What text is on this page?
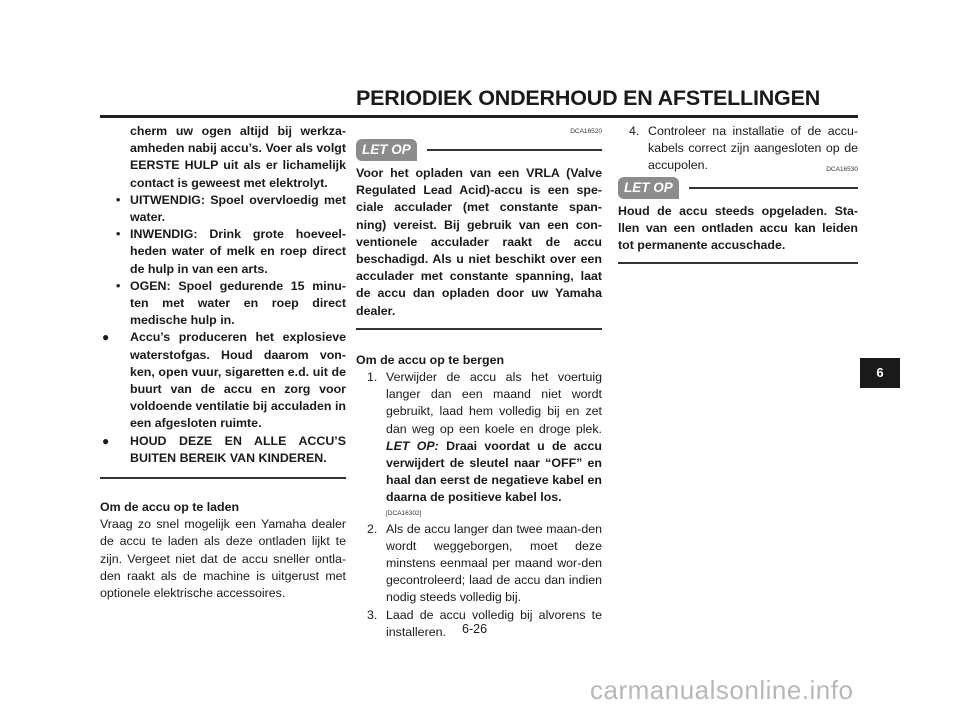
PERIODIEK ONDERHOUD EN AFSTELLINGEN

cherm uw ogen altijd bij werkza-amheden nabij accu’s. Voer als volgt EERSTE HULP uit als er lichamelijk contact is geweest met elektrolyt.

• UITWENDIG: Spoel overvloedig met water.
• INWENDIG: Drink grote hoeveel-heden water of melk en roep direct de hulp in van een arts.
• OGEN: Spoel gedurende 15 minu-ten met water en roep direct medische hulp in.
● Accu’s produceren het explosieve waterstofgas. Houd daarom von-ken, open vuur, sigaretten e.d. uit de buurt van de accu en zorg voor voldoende ventilatie bij acculaden in een afgesloten ruimte.
● HOUD DEZE EN ALLE ACCU’S BUITEN BEREIK VAN KINDEREN.

Om de accu op te laden

Vraag zo snel mogelijk een Yamaha dealer de accu te laden als deze ontladen lijkt te zijn. Vergeet niet dat de accu sneller ontla-den raakt als de machine is uitgerust met optionele elektrische accessoires.

DCA16520
LET OP

Voor het opladen van een VRLA (Valve Regulated Lead Acid)-accu is een spe-ciale acculader (met constante span-ning) vereist. Bij gebruik van een con-ventionele acculader raakt de accu beschadigd. Als u niet beschikt over een acculader met constante spanning, laat de accu dan opladen door uw Yamaha dealer.

Om de accu op te bergen

1. Verwijder de accu als het voertuig langer dan een maand niet wordt gebruikt, laad hem volledig bij en zet dan weg op een koele en droge plek. LET OP: Draai voordat u de accu verwijdert de sleutel naar “OFF” en haal dan eerst de negatieve kabel en daarna de positieve kabel los.
[DCA16302]
2. Als de accu langer dan twee maan-den wordt weggeborgen, moet deze minstens eenmaal per maand wor-den gecontroleerd; laad de accu dan indien nodig steeds volledig bij.
3. Laad de accu volledig bij alvorens te installeren.
4. Controleer na installatie of de accu-kabels correct zijn aangesloten op de accupolen.	DCA16530
LET OP

Houd de accu steeds opgeladen. Sta-llen van een ontladen accu kan leiden tot permanente accuschade.

6-26
6
carmanualsonline.info
